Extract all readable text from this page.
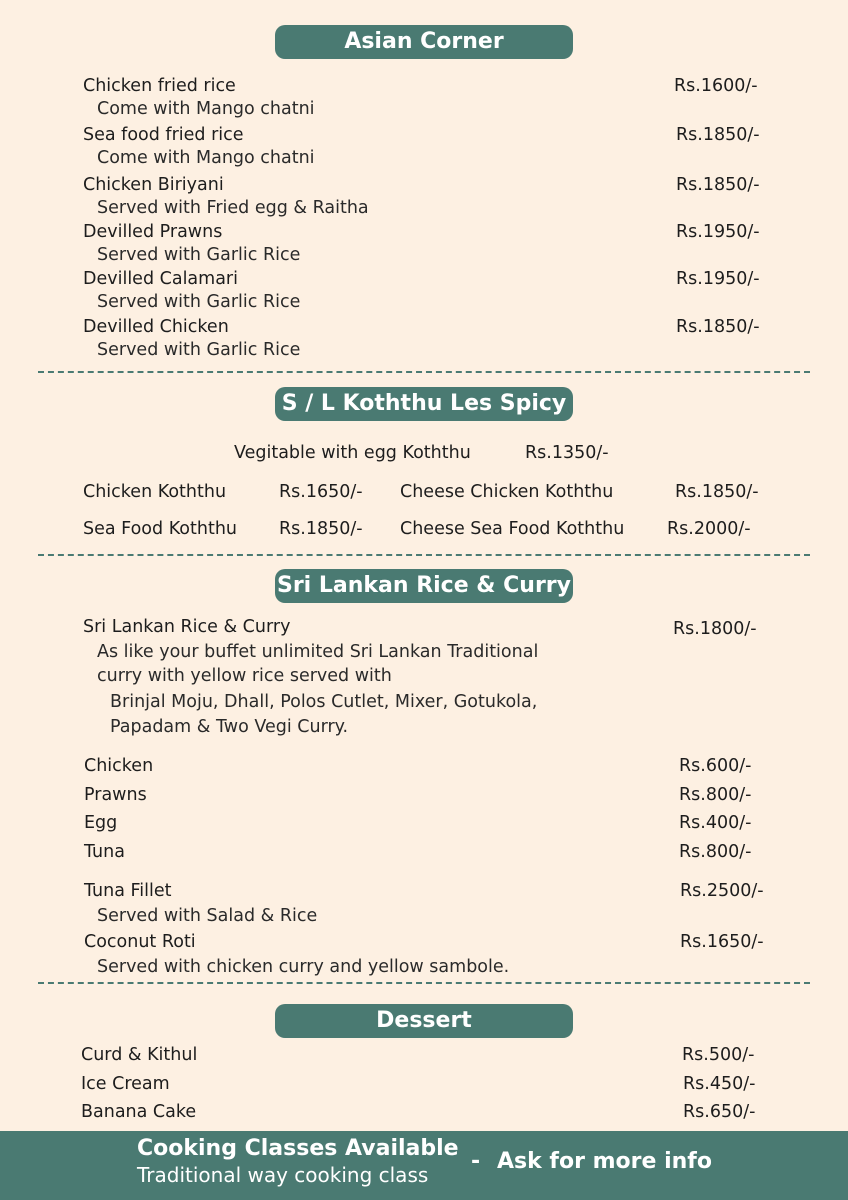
Asian Corner
Chicken fried rice	Rs.1600/-
Come with Mango chatni
Sea food fried rice	Rs.1850/-
Come with Mango chatni
Chicken Biriyani	Rs.1850/-
Served with Fried egg & Raitha
Devilled Prawns	Rs.1950/-
Served with Garlic Rice
Devilled Calamari	Rs.1950/-
Served with Garlic Rice
Devilled Chicken	Rs.1850/-
Served with Garlic Rice
S / L Koththu Les Spicy
Vegitable with egg Koththu	Rs.1350/-
Chicken Koththu	Rs.1650/- Cheese Chicken Koththu	Rs.1850/-
Sea Food Koththu Rs.1850/- Cheese Sea Food Koththu Rs.2000/-
Sri Lankan Rice & Curry
Sri Lankan Rice & Curry	Rs.1800/-
As like your buffet unlimited Sri Lankan Traditional
curry with yellow rice served with
Brinjal Moju, Dhall, Polos Cutlet, Mixer, Gotukola,
Papadam & Two Vegi Curry.
Chicken	Rs.600/-
Prawns	Rs.800/-
Egg	Rs.400/-
Tuna	Rs.800/-
Tuna Fillet	Rs.2500/-
Served with Salad & Rice
Coconut Roti	Rs.1650/-
Served with chicken curry and yellow sambole.
Dessert
Curd & Kithul	Rs.500/-
Ice Cream	Rs.450/-
Banana Cake	Rs.650/-
Cooking Classes Available
Traditional way cooking class
- Ask for more info
